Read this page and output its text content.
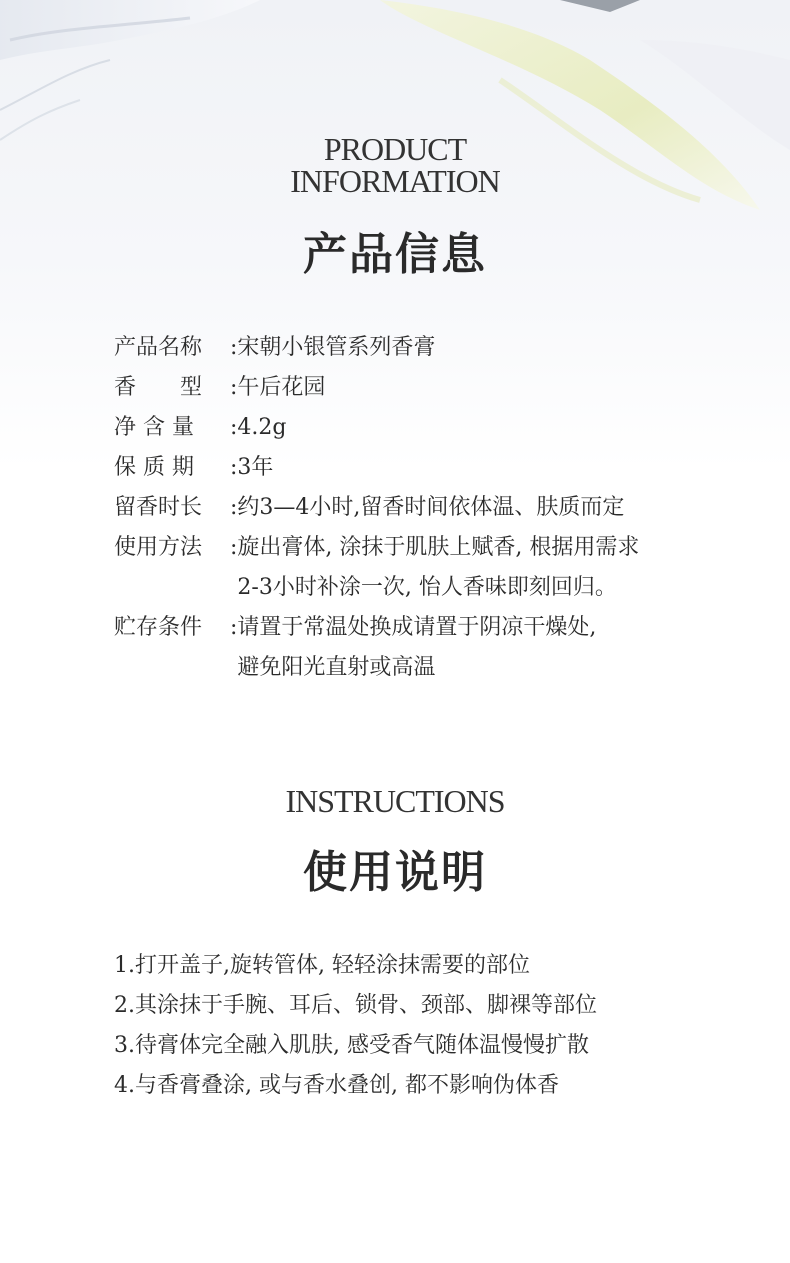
PRODUCT
INFORMATION
产品信息
产品名称	: 宋朝小银管系列香膏
香　　型	: 午后花园
净 含 量	: 4.2g
保 质 期	: 3年
留香时长	: 约3—4小时,留香时间依体温、肤质而定
使用方法	: 旋出膏体, 涂抹于肌肤上赋香, 根据用需求
2-3小时补涂一次, 怡人香味即刻回归。
贮存条件	: 请置于常温处换成请置于阴凉干燥处,
避免阳光直射或高温
INSTRUCTIONS
使用说明
1.打开盖子,旋转管体, 轻轻涂抹需要的部位
2.其涂抹于手腕、耳后、锁骨、颈部、脚裸等部位
3.待膏体完全融入肌肤, 感受香气随体温慢慢扩散
4.与香膏叠涂, 或与香水叠创, 都不影响伪体香
